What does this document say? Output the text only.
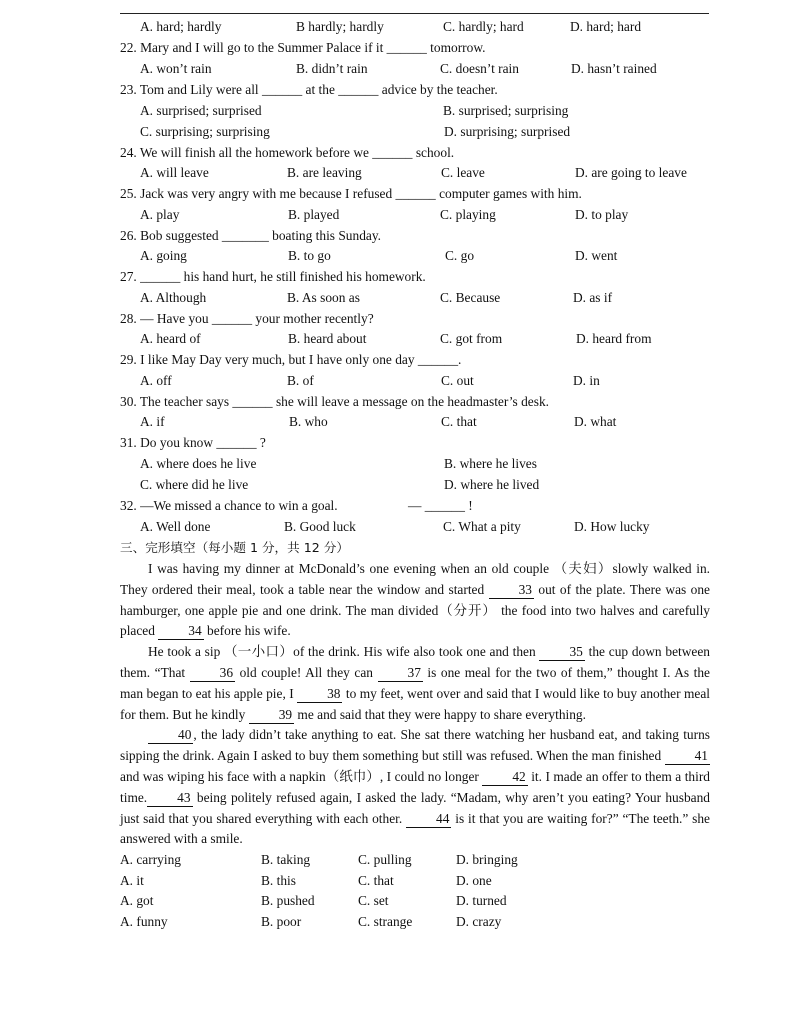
A. hard; hardly	B hardly; hardly	C. hardly; hard	D. hard; hard
22. Mary and I will go to the Summer Palace if it ______ tomorrow.
A. won’t rain	B. didn’t rain	C. doesn’t rain	D. hasn’t rained
23. Tom and Lily were all ______ at the ______ advice by the teacher.
A. surprised; surprised	B. surprised; surprising
C. surprising; surprising	D. surprising; surprised
24. We will finish all the homework before we ______ school.
A. will leave	B. are leaving	C. leave	D. are going to leave
25. Jack was very angry with me because I refused ______ computer games with him.
A. play	B. played	C. playing	D. to play
26. Bob suggested _______ boating this Sunday.
A. going	B. to go	C. go	D. went
27. ______ his hand hurt, he still finished his homework.
A. Although	B. As soon as	C. Because	D. as if
28. — Have you ______ your mother recently?
A. heard of	B. heard about	C. got from	D. heard from
29. I like May Day very much, but I have only one day ______.
A. off	B. of	C. out	D. in
30. The teacher says ______ she will leave a message on the headmaster’s desk.
A. if	B. who	C. that	D. what
31. Do you know ______ ?
A. where does he live	B. where he lives
C. where did he live	D. where he lived
32. —We missed a chance to win a goal.	— ______ !
A. Well done	B. Good luck	C. What a pity	D. How lucky
三、完形填空（每小题 1 分，共 12 分）

I was having my dinner at McDonald’s one evening when an old couple （夫妇）slowly walked in. They ordered their meal, took a table near the window and started 33 out of the plate. There was one hamburger, one apple pie and one drink. The man divided（分开） the food into two halves and carefully placed 34 before his wife.

He took a sip （一小口）of the drink. His wife also took one and then 35 the cup down between them. “That 36 old couple! All they can 37 is one meal for the two of them,” thought I. As the man began to eat his apple pie, I 38 to my feet, went over and said that I would like to buy another meal for them. But he kindly 39 me and said that they were happy to share everything.

40 , the lady didn’t take anything to eat. She sat there watching her husband eat, and taking turns sipping the drink. Again I asked to buy them something but still was refused. When the man finished 41 and was wiping his face with a napkin（纸巾）, I could no longer 42 it. I made an offer to them a third time. 43 being politely refused again, I asked the lady. “Madam, why aren’t you eating? Your husband just said that you shared everything with each other. 44 is it that you are waiting for?” “The teeth.” she answered with a smile.

A. carrying	B. taking	C. pulling	D. bringing
A. it	B. this	C. that	D. one
A. got	B. pushed	C. set	D. turned
A. funny	B. poor	C. strange	D. crazy
